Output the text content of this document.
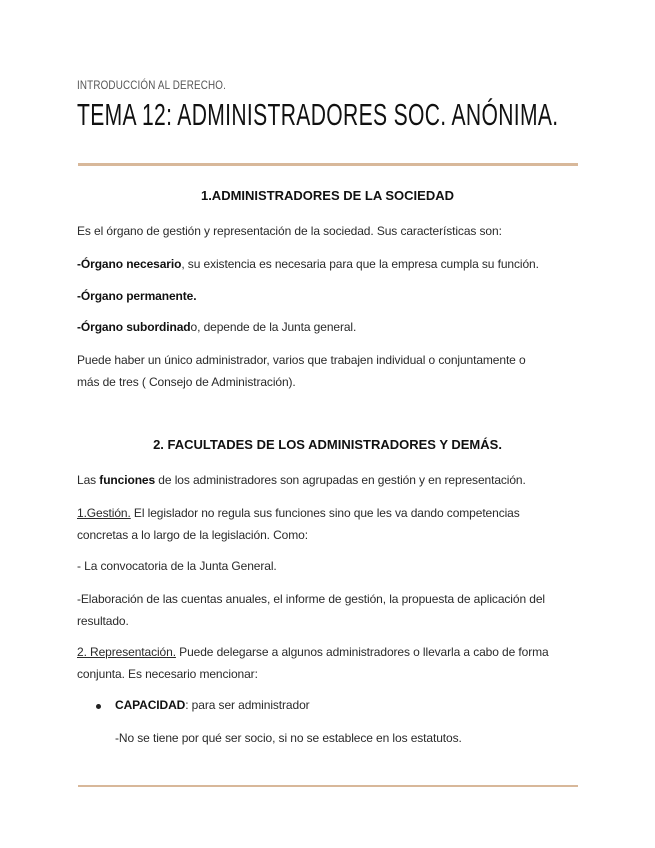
INTRODUCCIÓN AL DERECHO.
TEMA 12: ADMINISTRADORES SOC. ANÓNIMA.
1.ADMINISTRADORES DE LA SOCIEDAD
Es el órgano de gestión y representación de la sociedad. Sus características son:
-Órgano necesario, su existencia es necesaria para que la empresa cumpla su función.
-Órgano permanente.
-Órgano subordinado, depende de la Junta general.
Puede haber un único administrador, varios que trabajen individual o conjuntamente o
más de tres ( Consejo de Administración).
2. FACULTADES DE LOS ADMINISTRADORES Y DEMÁS.
Las funciones de los administradores son agrupadas en gestión y en representación.
1.Gestión. El legislador no regula sus funciones sino que les va dando competencias
concretas a lo largo de la legislación. Como:
- La convocatoria de la Junta General.
-Elaboración de las cuentas anuales, el informe de gestión, la propuesta de aplicación del
resultado.
2. Representación. Puede delegarse a algunos administradores o llevarla a cabo de forma
conjunta. Es necesario mencionar:
CAPACIDAD: para ser administrador
-No se tiene por qué ser socio, si no se establece en los estatutos.
